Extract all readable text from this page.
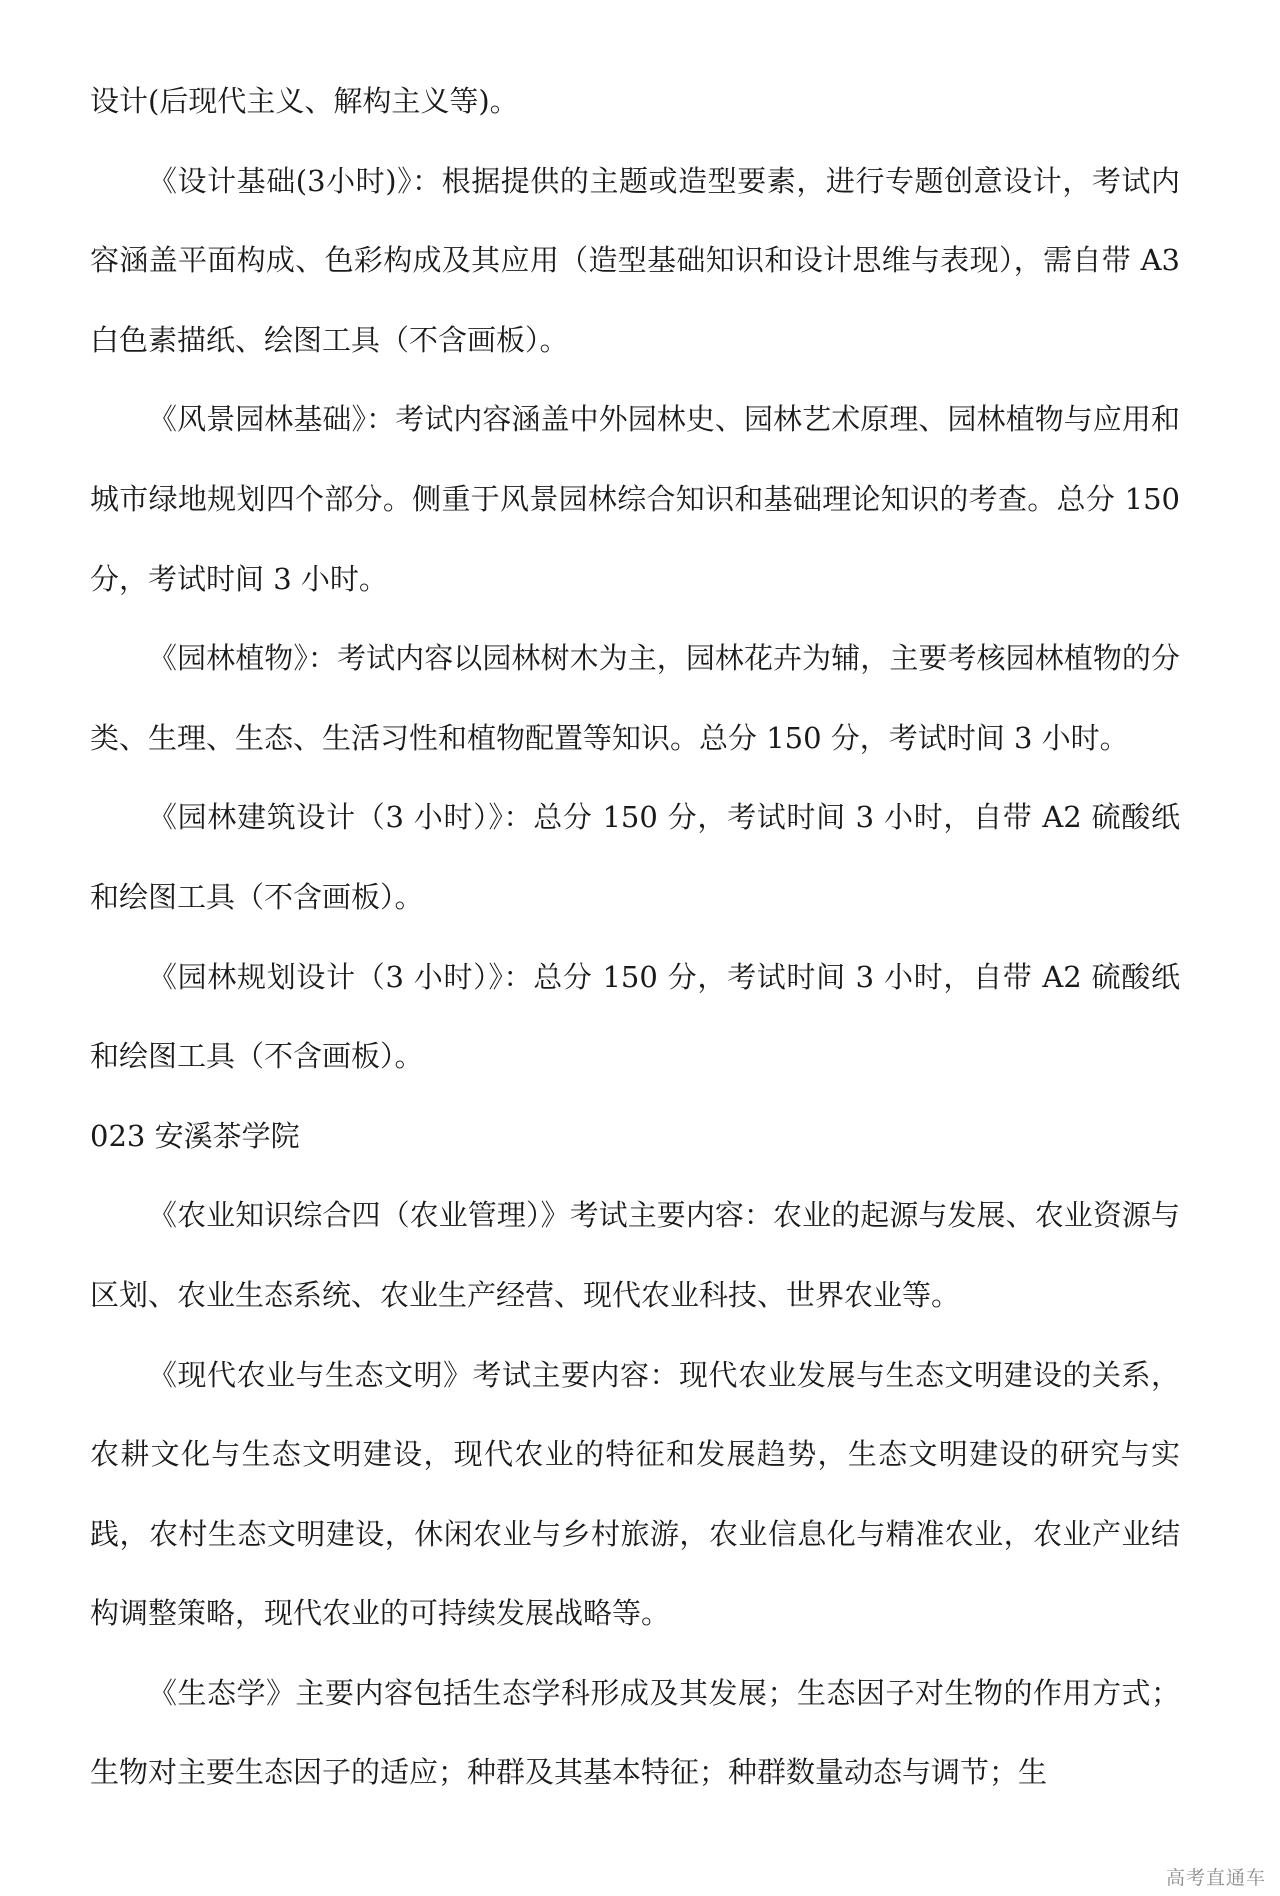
设计(后现代主义、解构主义等)。

《设计基础(3小时)》：根据提供的主题或造型要素，进行专题创意设计，考试内容涵盖平面构成、色彩构成及其应用（造型基础知识和设计思维与表现），需自带 A3 白色素描纸、绘图工具（不含画板）。

《风景园林基础》：考试内容涵盖中外园林史、园林艺术原理、园林植物与应用和城市绿地规划四个部分。侧重于风景园林综合知识和基础理论知识的考查。总分 150 分，考试时间 3 小时。

《园林植物》：考试内容以园林树木为主，园林花卉为辅，主要考核园林植物的分类、生理、生态、生活习性和植物配置等知识。总分 150 分，考试时间 3 小时。

《园林建筑设计（3 小时）》：总分 150 分，考试时间 3 小时，自带 A2 硫酸纸和绘图工具（不含画板）。

《园林规划设计（3 小时）》：总分 150 分，考试时间 3 小时，自带 A2 硫酸纸和绘图工具（不含画板）。

023 安溪茶学院

《农业知识综合四（农业管理）》考试主要内容：农业的起源与发展、农业资源与区划、农业生态系统、农业生产经营、现代农业科技、世界农业等。

《现代农业与生态文明》考试主要内容：现代农业发展与生态文明建设的关系，农耕文化与生态文明建设，现代农业的特征和发展趋势，生态文明建设的研究与实践，农村生态文明建设，休闲农业与乡村旅游，农业信息化与精准农业，农业产业结构调整策略，现代农业的可持续发展战略等。

《生态学》主要内容包括生态学科形成及其发展；生态因子对生物的作用方式；生物对主要生态因子的适应；种群及其基本特征；种群数量动态与调节；生

高考直通车
